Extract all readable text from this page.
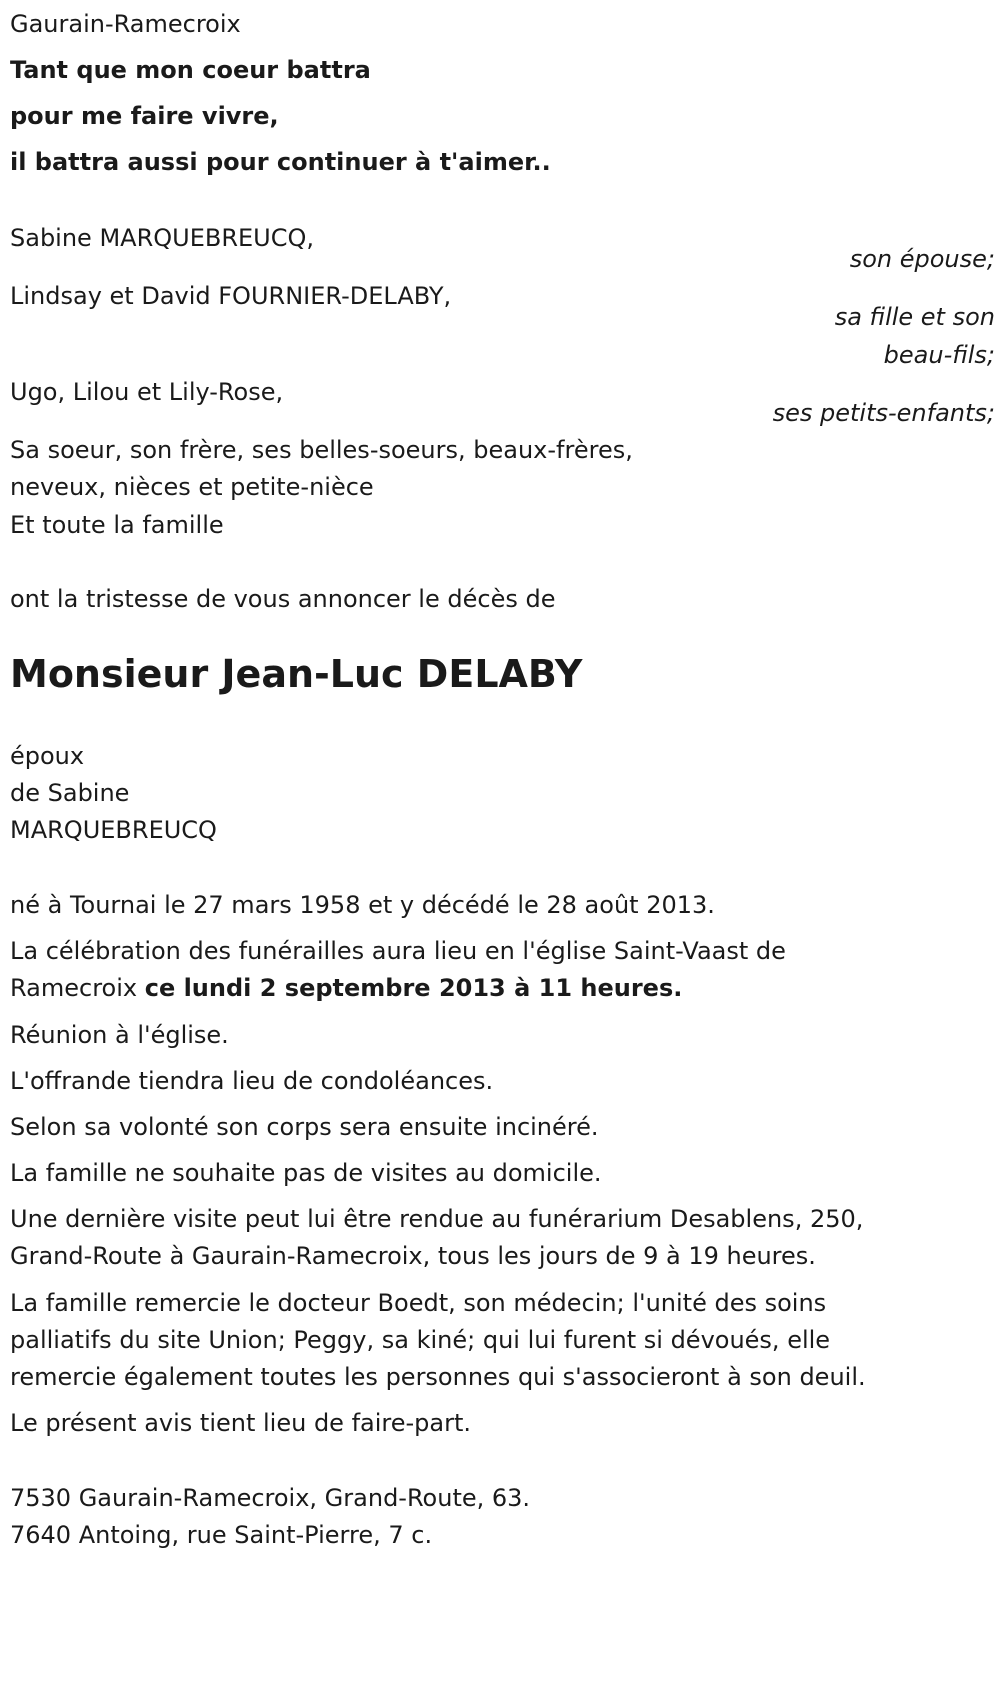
Gaurain-Ramecroix
Tant que mon coeur battra
pour me faire vivre,
il battra aussi pour continuer à t'aimer..
Sabine MARQUEBREUCQ,
son épouse;
Lindsay et David FOURNIER-DELABY,
sa fille et son
beau-fils;
Ugo, Lilou et Lily-Rose,
ses petits-enfants;
Sa soeur, son frère, ses belles-soeurs, beaux-frères,
neveux, nièces et petite-nièce
Et toute la famille
ont la tristesse de vous annoncer le décès de
Monsieur Jean-Luc DELABY
époux
de Sabine
MARQUEBREUCQ
né à Tournai le 27 mars 1958 et y décédé le 28 août 2013.
La célébration des funérailles aura lieu en l'église Saint-Vaast de
Ramecroix ce lundi 2 septembre 2013 à 11 heures.
Réunion à l'église.
L'offrande tiendra lieu de condoléances.
Selon sa volonté son corps sera ensuite incinéré.
La famille ne souhaite pas de visites au domicile.
Une dernière visite peut lui être rendue au funérarium Desablens, 250,
Grand-Route à Gaurain-Ramecroix, tous les jours de 9 à 19 heures.
La famille remercie le docteur Boedt, son médecin; l'unité des soins
palliatifs du site Union; Peggy, sa kiné; qui lui furent si dévoués, elle
remercie également toutes les personnes qui s'associeront à son deuil.
Le présent avis tient lieu de faire-part.
7530 Gaurain-Ramecroix, Grand-Route, 63.
7640 Antoing, rue Saint-Pierre, 7 c.
